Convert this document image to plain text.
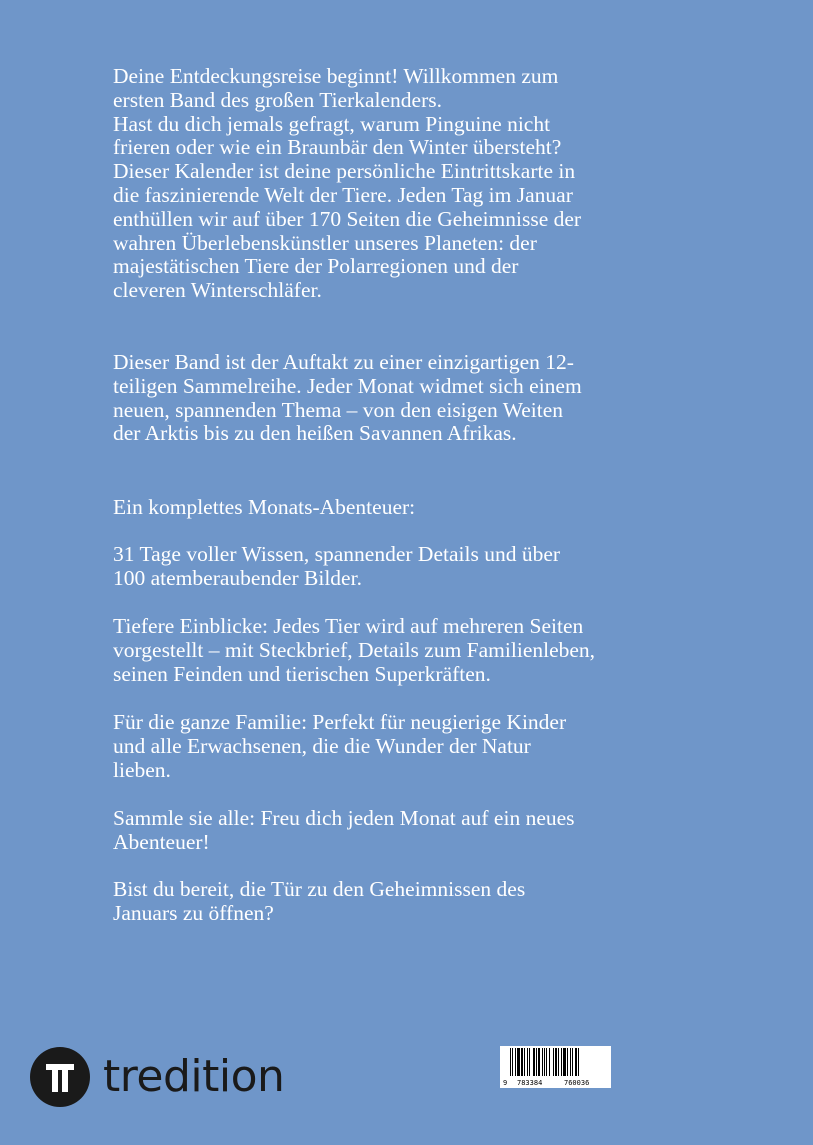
Deine Entdeckungsreise beginnt! Willkommen zum
ersten Band des großen Tierkalenders.
Hast du dich jemals gefragt, warum Pinguine nicht
frieren oder wie ein Braunbär den Winter übersteht?
Dieser Kalender ist deine persönliche Eintrittskarte in
die faszinierende Welt der Tiere. Jeden Tag im Januar
enthüllen wir auf über 170 Seiten die Geheimnisse der
wahren Überlebenskünstler unseres Planeten: der
majestätischen Tiere der Polarregionen und der
cleveren Winterschläfer.

Dieser Band ist der Auftakt zu einer einzigartigen 12-
teiligen Sammelreihe. Jeder Monat widmet sich einem
neuen, spannenden Thema – von den eisigen Weiten
der Arktis bis zu den heißen Savannen Afrikas.

Ein komplettes Monats-Abenteuer:

31 Tage voller Wissen, spannender Details und über
100 atemberaubender Bilder.

Tiefere Einblicke: Jedes Tier wird auf mehreren Seiten
vorgestellt – mit Steckbrief, Details zum Familienleben,
seinen Feinden und tierischen Superkräften.

Für die ganze Familie: Perfekt für neugierige Kinder
und alle Erwachsenen, die die Wunder der Natur
lieben.

Sammle sie alle: Freu dich jeden Monat auf ein neues
Abenteuer!

Bist du bereit, die Tür zu den Geheimnissen des
Januars zu öffnen?

tredition	9 783384	760036
